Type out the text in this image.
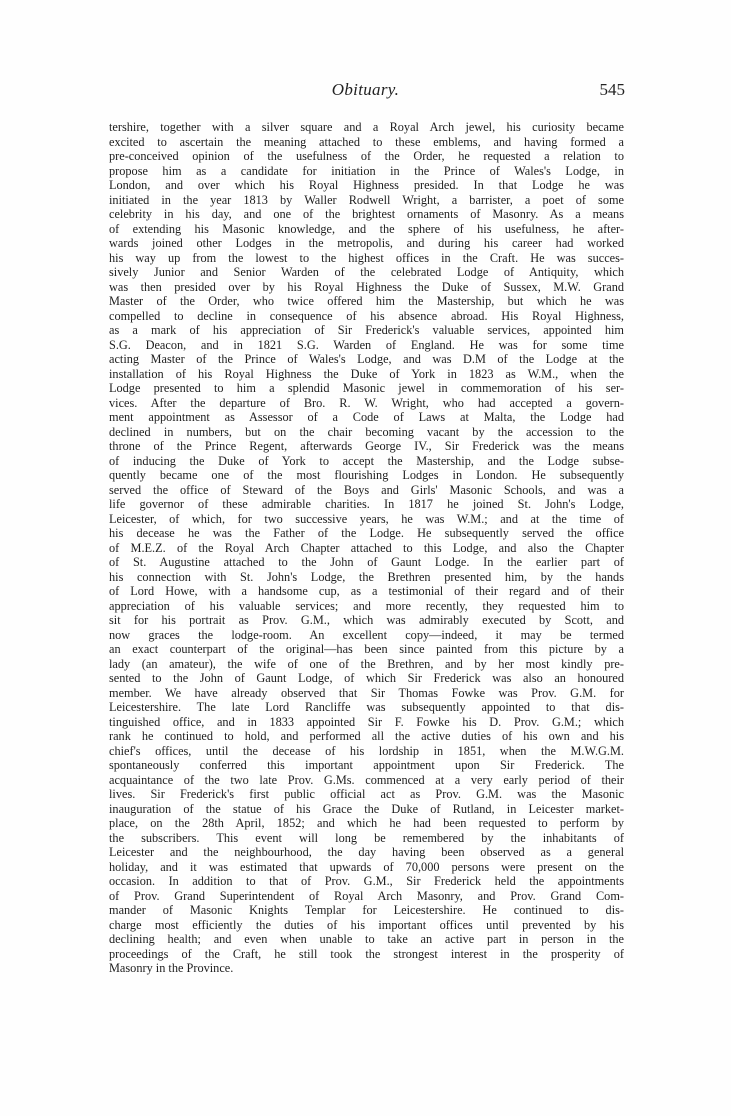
Obituary.	545
tershire, together with a silver square and a Royal Arch jewel, his curiosity became
excited to ascertain the meaning attached to these emblems, and having formed a
pre-conceived opinion of the usefulness of the Order, he requested a relation to
propose him as a candidate for initiation in the Prince of Wales's Lodge, in
London, and over which his Royal Highness presided. In that Lodge he was
initiated in the year 1813 by Waller Rodwell Wright, a barrister, a poet of some
celebrity in his day, and one of the brightest ornaments of Masonry. As a means
of extending his Masonic knowledge, and the sphere of his usefulness, he after-
wards joined other Lodges in the metropolis, and during his career had worked
his way up from the lowest to the highest offices in the Craft. He was succes-
sively Junior and Senior Warden of the celebrated Lodge of Antiquity, which
was then presided over by his Royal Highness the Duke of Sussex, M.W. Grand
Master of the Order, who twice offered him the Mastership, but which he was
compelled to decline in consequence of his absence abroad. His Royal Highness,
as a mark of his appreciation of Sir Frederick's valuable services, appointed him
S.G. Deacon, and in 1821 S.G. Warden of England. He was for some time
acting Master of the Prince of Wales's Lodge, and was D.M of the Lodge at the
installation of his Royal Highness the Duke of York in 1823 as W.M., when the
Lodge presented to him a splendid Masonic jewel in commemoration of his ser-
vices. After the departure of Bro. R. W. Wright, who had accepted a govern-
ment appointment as Assessor of a Code of Laws at Malta, the Lodge had
declined in numbers, but on the chair becoming vacant by the accession to the
throne of the Prince Regent, afterwards George IV., Sir Frederick was the means
of inducing the Duke of York to accept the Mastership, and the Lodge subse-
quently became one of the most flourishing Lodges in London. He subsequently
served the office of Steward of the Boys and Girls' Masonic Schools, and was a
life governor of these admirable charities. In 1817 he joined St. John's Lodge,
Leicester, of which, for two successive years, he was W.M.; and at the time of
his decease he was the Father of the Lodge. He subsequently served the office
of M.E.Z. of the Royal Arch Chapter attached to this Lodge, and also the Chapter
of St. Augustine attached to the John of Gaunt Lodge. In the earlier part of
his connection with St. John's Lodge, the Brethren presented him, by the hands
of Lord Howe, with a handsome cup, as a testimonial of their regard and of their
appreciation of his valuable services; and more recently, they requested him to
sit for his portrait as Prov. G.M., which was admirably executed by Scott, and
now graces the lodge-room. An excellent copy—indeed, it may be termed
an exact counterpart of the original—has been since painted from this picture by a
lady (an amateur), the wife of one of the Brethren, and by her most kindly pre-
sented to the John of Gaunt Lodge, of which Sir Frederick was also an honoured
member. We have already observed that Sir Thomas Fowke was Prov. G.M. for
Leicestershire. The late Lord Rancliffe was subsequently appointed to that dis-
tinguished office, and in 1833 appointed Sir F. Fowke his D. Prov. G.M.; which
rank he continued to hold, and performed all the active duties of his own and his
chief's offices, until the decease of his lordship in 1851, when the M.W.G.M.
spontaneously conferred this important appointment upon Sir Frederick. The
acquaintance of the two late Prov. G.Ms. commenced at a very early period of their
lives. Sir Frederick's first public official act as Prov. G.M. was the Masonic
inauguration of the statue of his Grace the Duke of Rutland, in Leicester market-
place, on the 28th April, 1852; and which he had been requested to perform by
the subscribers. This event will long be remembered by the inhabitants of
Leicester and the neighbourhood, the day having been observed as a general
holiday, and it was estimated that upwards of 70,000 persons were present on the
occasion. In addition to that of Prov. G.M., Sir Frederick held the appointments
of Prov. Grand Superintendent of Royal Arch Masonry, and Prov. Grand Com-
mander of Masonic Knights Templar for Leicestershire. He continued to dis-
charge most efficiently the duties of his important offices until prevented by his
declining health; and even when unable to take an active part in person in the
proceedings of the Craft, he still took the strongest interest in the prosperity of
Masonry in the Province.
